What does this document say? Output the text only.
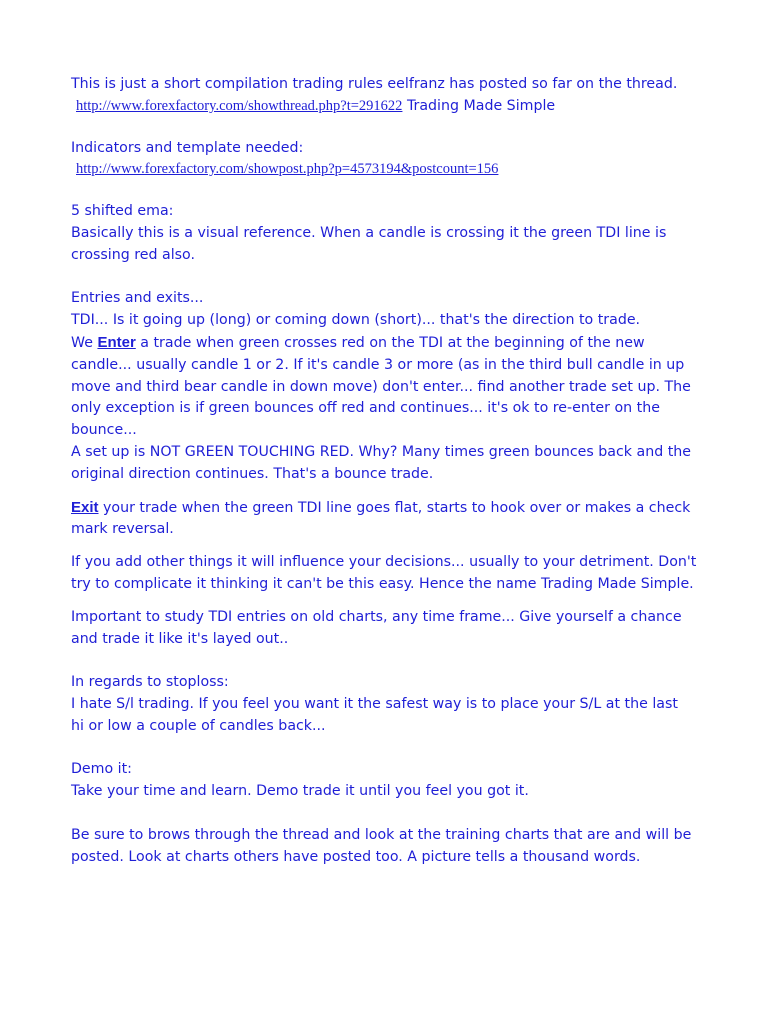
This is just a short compilation trading rules eelfranz has posted so far on the thread.

http://www.forexfactory.com/showthread.php?t=291622 Trading Made Simple

Indicators and template needed:

http://www.forexfactory.com/showpost.php?p=4573194&postcount=156

5 shifted ema:

Basically this is a visual reference. When a candle is crossing it the green TDI line is

crossing red also.

Entries and exits...

TDI... Is it going up (long) or coming down (short)... that's the direction to trade.

We Enter a trade when green crosses red on the TDI at the beginning of the new

candle... usually candle 1 or 2. If it's candle 3 or more (as in the third bull candle in up

move and third bear candle in down move) don't enter... find another trade set up. The

only exception is if green bounces off red and continues... it's ok to re-enter on the

bounce...

A set up is NOT GREEN TOUCHING RED. Why? Many times green bounces back and the

original direction continues. That's a bounce trade.

Exit your trade when the green TDI line goes flat, starts to hook over or makes a check

mark reversal.

If you add other things it will influence your decisions... usually to your detriment. Don't

try to complicate it thinking it can't be this easy. Hence the name Trading Made Simple.

Important to study TDI entries on old charts, any time frame... Give yourself a chance

and trade it like it's layed out..

In regards to stoploss:

I hate S/l trading. If you feel you want it the safest way is to place your S/L at the last

hi or low a couple of candles back...

Demo it:

Take your time and learn. Demo trade it until you feel you got it.

Be sure to brows through the thread and look at the training charts that are and will be

posted. Look at charts others have posted too. A picture tells a thousand words.
